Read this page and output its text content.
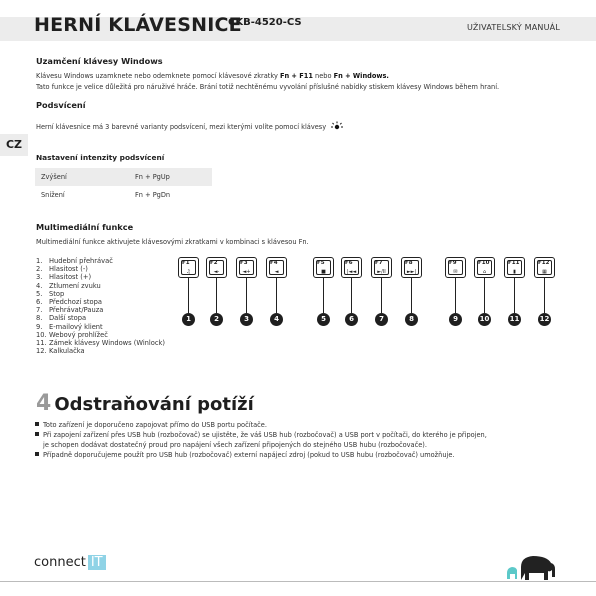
HERNÍ KLÁVESNICE
CKB-4520-CS	UŽIVATELSKÝ MANUÁL
CZ
Uzamčení klávesy Windows
Klávesu Windows uzamknete nebo odemknete pomocí klávesové zkratky Fn + F11 nebo Fn + Windows.
Tato funkce je velice důležitá pro náruživé hráče. Brání totiž nechtěnému vyvolání příslušné nabídky stiskem klávesy Windows během hraní.
Podsvícení
Herní klávesnice má 3 barevné varianty podsvícení, mezi kterými volíte pomocí klávesy
Nastavení intenzity podsvícení
Zvýšení	Fn + PgUp
Snížení	Fn + PgDn
Multimediální funkce
Multimediální funkce aktivujete klávesovými zkratkami v kombinaci s klávesou Fn.
1. Hudební přehrávač
2. Hlasitost (-)
3. Hlasitost (+)
4. Ztlumení zvuku
5. Stop
6. Předchozí stopa
7. Přehrávat/Pauza
8. Další stopa
9. E-mailový klient
10. Webový prohlížeč
11. Zámek klávesy Windows (Winlock)
12. Kalkulačka
F1
♫
1
F2
◄-
2
F3
◄+
3
F4
◄
4
F5
■
5
F6
|◄◄
6
F7
►/II
7
F8
►►|
8
F9
✉
9
F10
⌂
10
F11
▮
11
F12
▦
12
4 Odstraňování potíží
Toto zařízení je doporučeno zapojovat přímo do USB portu počítače.
Při zapojení zařízení přes USB hub (rozbočovač) se ujistěte, že váš USB hub (rozbočovač) a USB port v počítači, do kterého je připojen,
je schopen dodávat dostatečný proud pro napájení všech zařízení připojených do stejného USB hubu (rozbočovače).
Případně doporučujeme použít pro USB hub (rozbočovač) externí napájecí zdroj (pokud to USB hubu (rozbočovač) umožňuje.
connect IT
